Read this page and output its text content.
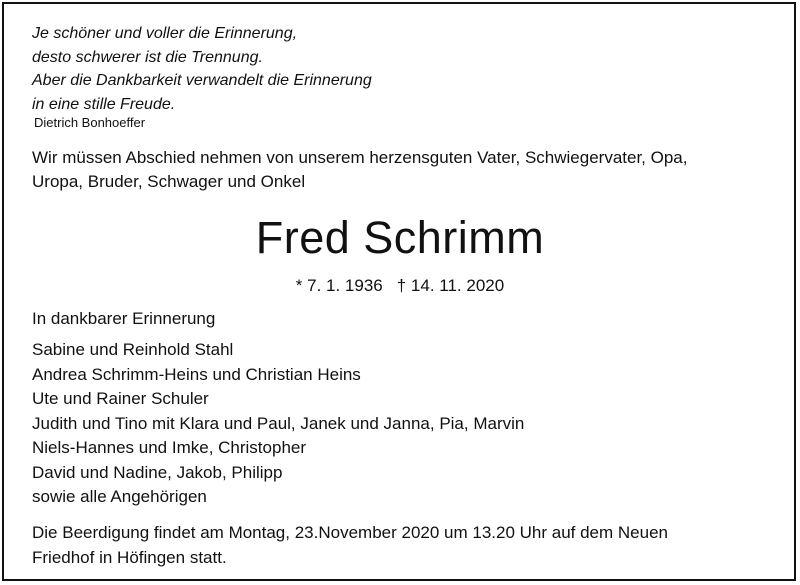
Je schöner und voller die Erinnerung,
desto schwerer ist die Trennung.
Aber die Dankbarkeit verwandelt die Erinnerung
in eine stille Freude.
Dietrich Bonhoeffer
Wir müssen Abschied nehmen von unserem herzensguten Vater, Schwiegervater, Opa,
Uropa, Bruder, Schwager und Onkel
Fred Schrimm
* 7. 1. 1936 † 14. 11. 2020
In dankbarer Erinnerung
Sabine und Reinhold Stahl
Andrea Schrimm-Heins und Christian Heins
Ute und Rainer Schuler
Judith und Tino mit Klara und Paul, Janek und Janna, Pia, Marvin
Niels-Hannes und Imke, Christopher
David und Nadine, Jakob, Philipp
sowie alle Angehörigen
Die Beerdigung findet am Montag, 23.November 2020 um 13.20 Uhr auf dem Neuen
Friedhof in Höfingen statt.
